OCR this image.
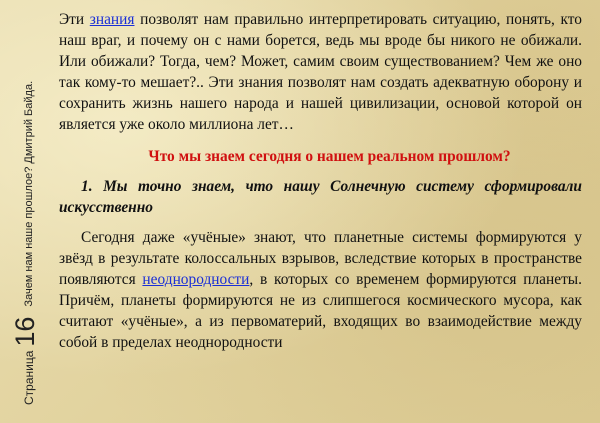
Страница
16
Зачем нам наше прошлое? Дмитрий Байда.

Эти знания позволят нам правильно интерпретировать ситуацию, понять, кто наш враг, и почему он с нами борется, ведь мы вроде бы никого не обижали. Или обижали? Тогда, чем? Может, самим своим существованием? Чем же оно так кому-то мешает?.. Эти знания позволят нам создать адекватную оборону и сохранить жизнь нашего народа и нашей цивилизации, основой которой он является уже около миллиона лет…

Что мы знаем сегодня о нашем реальном прошлом?

1. Мы точно знаем, что нашу Солнечную систему сформировали искусственно

Сегодня даже «учёные» знают, что планетные системы формируются у звёзд в результате колоссальных взрывов, вследствие которых в пространстве появляются неоднородности, в которых со временем формируются планеты. Причём, планеты формируются не из слипшегося космического мусора, как считают «учёные», а из первоматерий, входящих во взаимодействие между собой в пределах неоднородности
